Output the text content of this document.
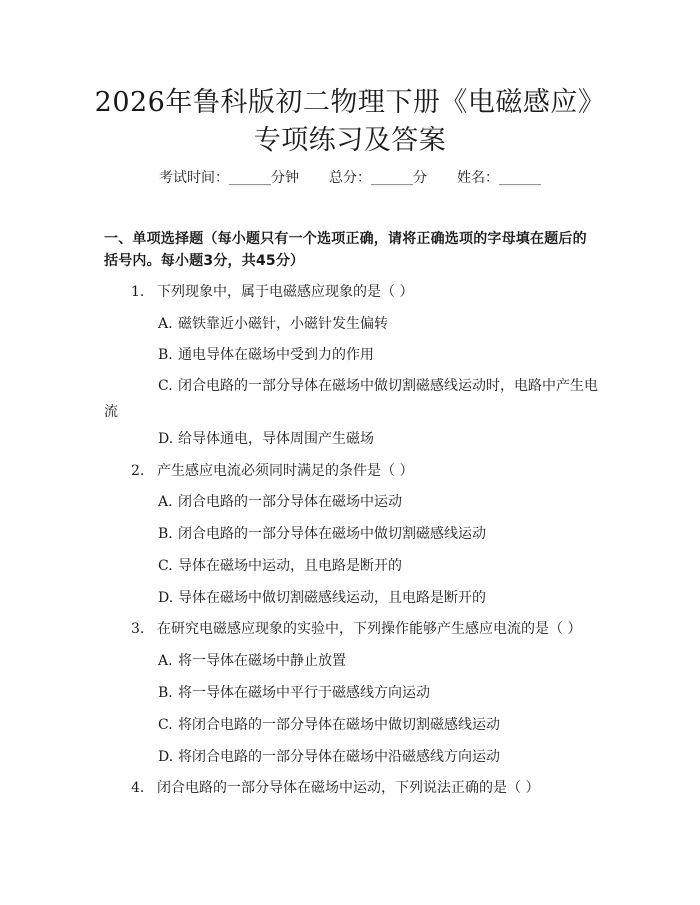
2026年鲁科版初二物理下册《电磁感应》专项练习及答案
考试时间：______分钟 总分：______分 姓名：______
一、单项选择题（每小题只有一个选项正确，请将正确选项的字母填在题后的括号内。每小题3分，共45分）
1. 下列现象中，属于电磁感应现象的是（ ）
A. 磁铁靠近小磁针，小磁针发生偏转
B. 通电导体在磁场中受到力的作用
C. 闭合电路的一部分导体在磁场中做切割磁感线运动时，电路中产生电流
D. 给导体通电，导体周围产生磁场
2. 产生感应电流必须同时满足的条件是（ ）
A. 闭合电路的一部分导体在磁场中运动
B. 闭合电路的一部分导体在磁场中做切割磁感线运动
C. 导体在磁场中运动，且电路是断开的
D. 导体在磁场中做切割磁感线运动，且电路是断开的
3. 在研究电磁感应现象的实验中，下列操作能够产生感应电流的是（ ）
A. 将一导体在磁场中静止放置
B. 将一导体在磁场中平行于磁感线方向运动
C. 将闭合电路的一部分导体在磁场中做切割磁感线运动
D. 将闭合电路的一部分导体在磁场中沿磁感线方向运动
4. 闭合电路的一部分导体在磁场中运动，下列说法正确的是（ ）
